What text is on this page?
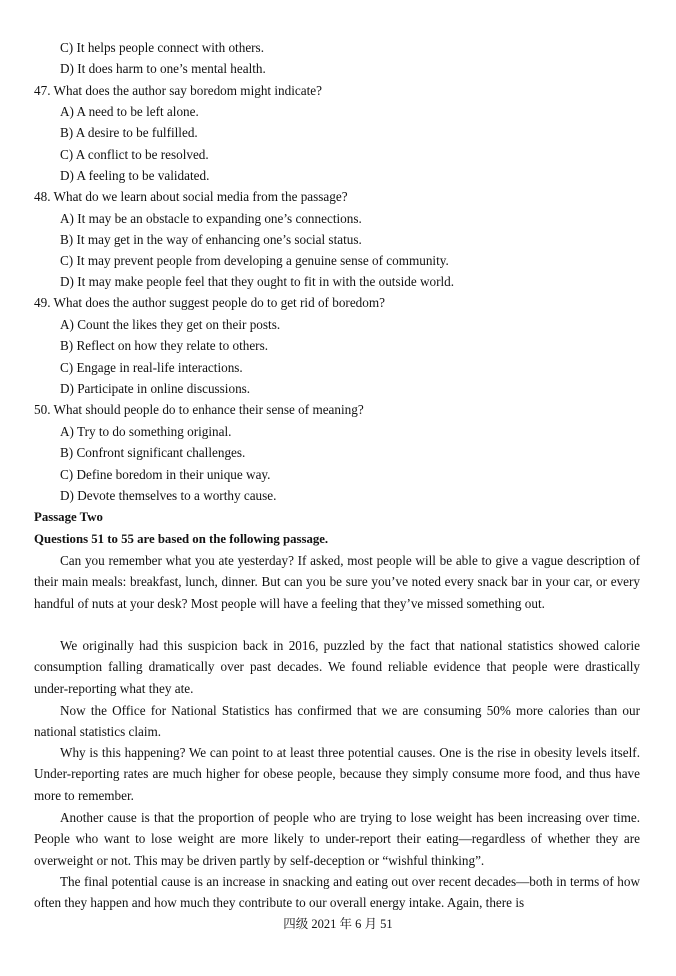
C) It helps people connect with others.
D) It does harm to one’s mental health.
47. What does the author say boredom might indicate?
A) A need to be left alone.
B) A desire to be fulfilled.
C) A conflict to be resolved.
D) A feeling to be validated.
48. What do we learn about social media from the passage?
A) It may be an obstacle to expanding one’s connections.
B) It may get in the way of enhancing one’s social status.
C) It may prevent people from developing a genuine sense of community.
D) It may make people feel that they ought to fit in with the outside world.
49. What does the author suggest people do to get rid of boredom?
A) Count the likes they get on their posts.
B) Reflect on how they relate to others.
C) Engage in real-life interactions.
D) Participate in online discussions.
50. What should people do to enhance their sense of meaning?
A) Try to do something original.
B) Confront significant challenges.
C) Define boredom in their unique way.
D) Devote themselves to a worthy cause.
Passage Two
Questions 51 to 55 are based on the following passage.

Can you remember what you ate yesterday? If asked, most people will be able to give a vague description of their main meals: breakfast, lunch, dinner. But can you be sure you’ve noted every snack bar in your car, or every handful of nuts at your desk? Most people will have a feeling that they’ve missed something out.

We originally had this suspicion back in 2016, puzzled by the fact that national statistics showed calorie consumption falling dramatically over past decades. We found reliable evidence that people were drastically under-reporting what they ate.

Now the Office for National Statistics has confirmed that we are consuming 50% more calories than our national statistics claim.

Why is this happening? We can point to at least three potential causes. One is the rise in obesity levels itself. Under-reporting rates are much higher for obese people, because they simply consume more food, and thus have more to remember.

Another cause is that the proportion of people who are trying to lose weight has been increasing over time. People who want to lose weight are more likely to under-report their eating—regardless of whether they are overweight or not. This may be driven partly by self-deception or “wishful thinking”.

The final potential cause is an increase in snacking and eating out over recent decades—both in terms of how often they happen and how much they contribute to our overall energy intake. Again, there is

四级 2021 年 6 月 51
